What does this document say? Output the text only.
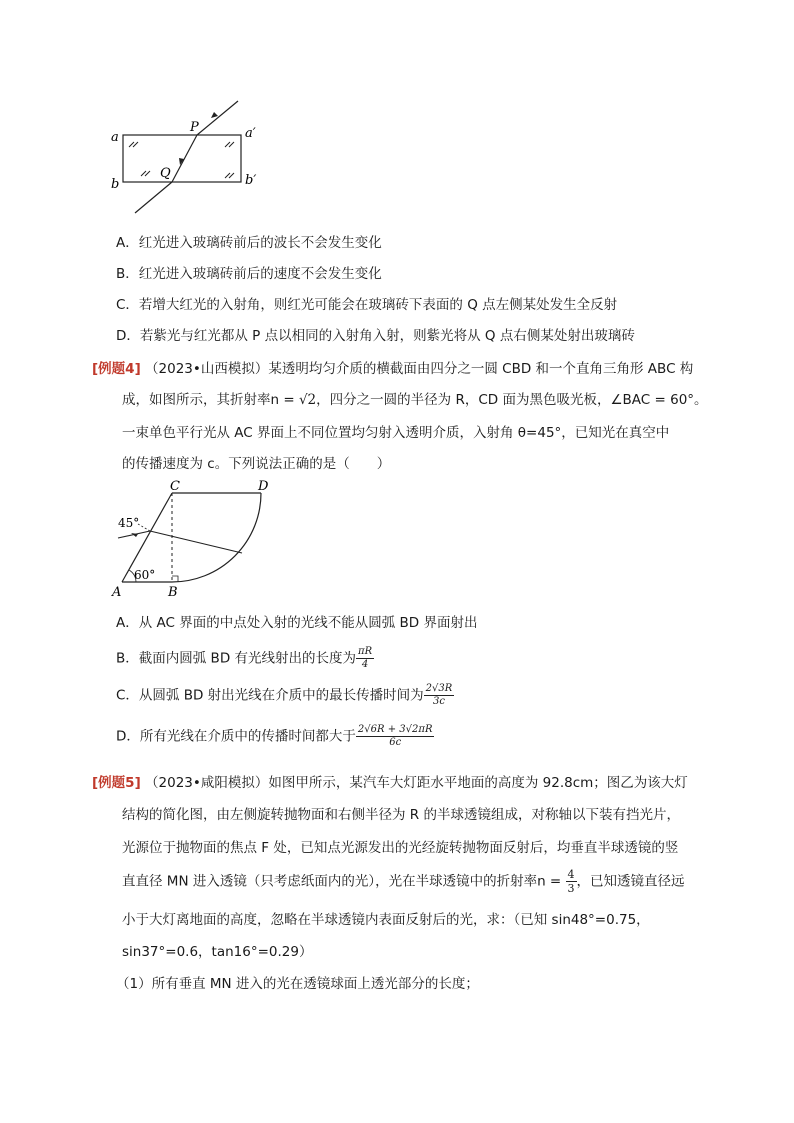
a
b
a′
b′
P
Q
A．红光进入玻璃砖前后的波长不会发生变化
B．红光进入玻璃砖前后的速度不会发生变化
C．若增大红光的入射角，则红光可能会在玻璃砖下表面的 Q 点左侧某处发生全反射
D．若紫光与红光都从 P 点以相同的入射角入射，则紫光将从 Q 点右侧某处射出玻璃砖
[例题4] （2023•山西模拟）某透明均匀介质的横截面由四分之一圆 CBD 和一个直角三角形 ABC 构
成，如图所示，其折射率n = √2，四分之一圆的半径为 R，CD 面为黑色吸光板，∠BAC = 60°。
一束单色平行光从 AC 界面上不同位置均匀射入透明介质，入射角 θ=45°，已知光在真空中
的传播速度为 c。下列说法正确的是（　　）
C	D
A	B
45°
60°
A．从 AC 界面的中点处入射的光线不能从圆弧 BD 界面射出
B．截面内圆弧 BD 有光线射出的长度为 $\frac{\pi R}{4}$
C．从圆弧 BD 射出光线在介质中的最长传播时间为 $\frac{2√3R}{3c}$
D．所有光线在介质中的传播时间都大于 $\frac{2√6R + 3√2\pi R}{6c}$
[例题5] （2023•咸阳模拟）如图甲所示，某汽车大灯距水平地面的高度为 92.8cm；图乙为该大灯
结构的简化图，由左侧旋转抛物面和右侧半径为 R 的半球透镜组成，对称轴以下装有挡光片，
光源位于抛物面的焦点 F 处，已知点光源发出的光经旋转抛物面反射后，均垂直半球透镜的竖
直直径 MN 进入透镜（只考虑纸面内的光），光在半球透镜中的折射率$n = \frac{4}{3}$ ，已知透镜直径远
小于大灯离地面的高度，忽略在半球透镜内表面反射后的光，求：（已知 sin48°=0.75，
sin37°=0.6，tan16°=0.29）
（1）所有垂直 MN 进入的光在透镜球面上透光部分的长度；
